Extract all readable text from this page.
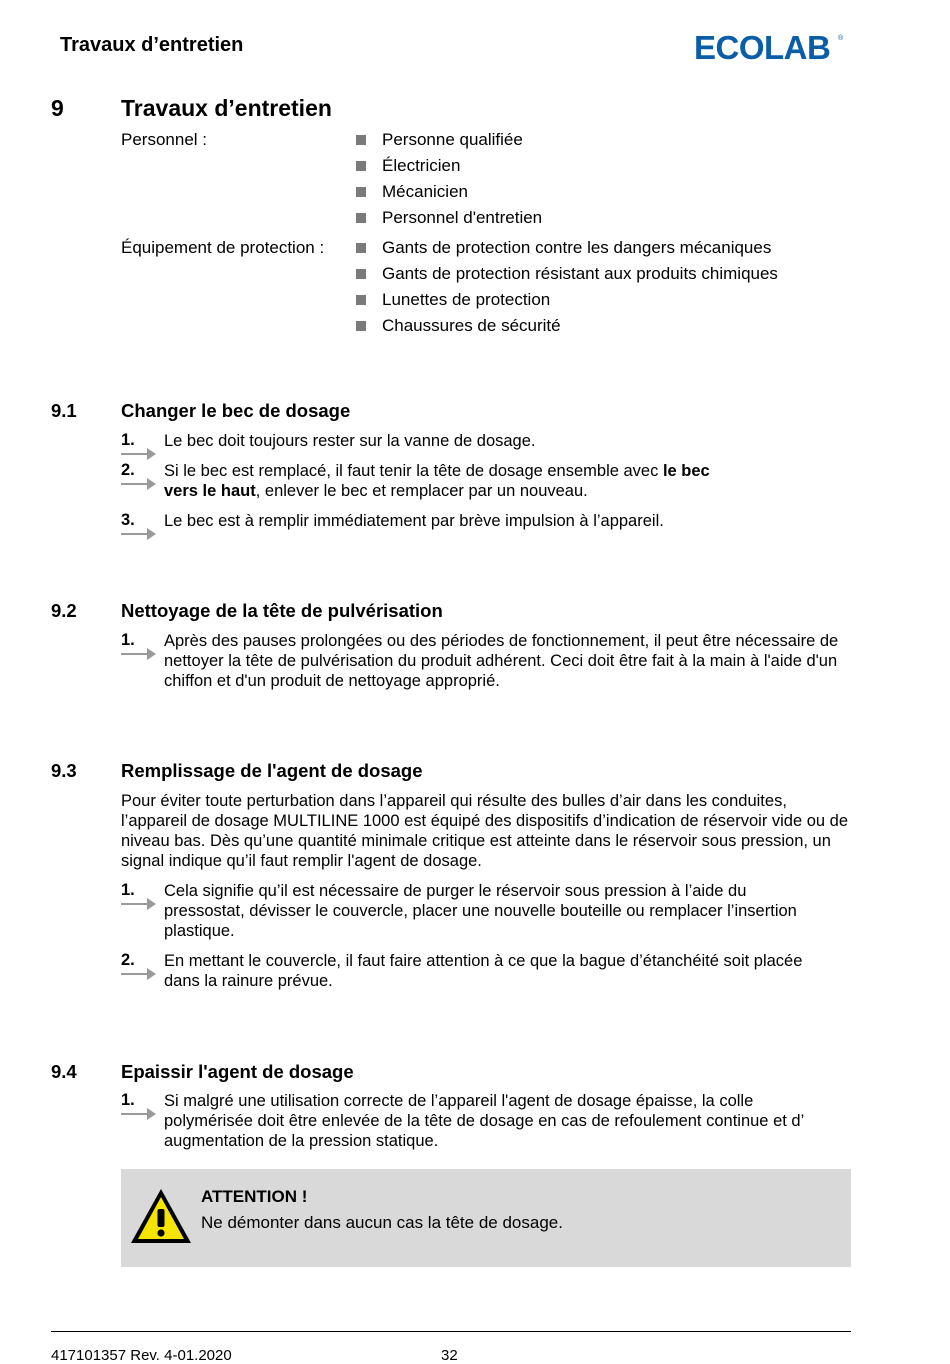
Travaux d’entretien	ECOLAB ®
9 Travaux d’entretien
Personnel :	Personne qualifiée
Électricien
Mécanicien
Personnel d'entretien
Équipement de protection :	Gants de protection contre les dangers mécaniques
Gants de protection résistant aux produits chimiques
Lunettes de protection
Chaussures de sécurité
9.1 Changer le bec de dosage
1. Le bec doit toujours rester sur la vanne de dosage.
2. Si le bec est remplacé, il faut tenir la tête de dosage ensemble avec le bec vers le haut, enlever le bec et remplacer par un nouveau.
3. Le bec est à remplir immédiatement par brève impulsion à l’appareil.
9.2 Nettoyage de la tête de pulvérisation
1. Après des pauses prolongées ou des périodes de fonctionnement, il peut être nécessaire de nettoyer la tête de pulvérisation du produit adhérent. Ceci doit être fait à la main à l'aide d'un chiffon et d'un produit de nettoyage approprié.
9.3 Remplissage de l'agent de dosage
Pour éviter toute perturbation dans l’appareil qui résulte des bulles d’air dans les conduites, l’appareil de dosage MULTILINE 1000 est équipé des dispositifs d’indication de réservoir vide ou de niveau bas. Dès qu’une quantité minimale critique est atteinte dans le réservoir sous pression, un signal indique qu’il faut remplir l'agent de dosage.
1. Cela signifie qu’il est nécessaire de purger le réservoir sous pression à l’aide du pressostat, dévisser le couvercle, placer une nouvelle bouteille ou remplacer l’insertion plastique.
2. En mettant le couvercle, il faut faire attention à ce que la bague d’étanchéité soit placée dans la rainure prévue.
9.4 Epaissir l'agent de dosage
1. Si malgré une utilisation correcte de l’appareil l'agent de dosage épaisse, la colle polymérisée doit être enlevée de la tête de dosage en cas de refoulement continue et d’ augmentation de la pression statique.
ATTENTION !
Ne démonter dans aucun cas la tête de dosage.
417101357 Rev. 4-01.2020	32
